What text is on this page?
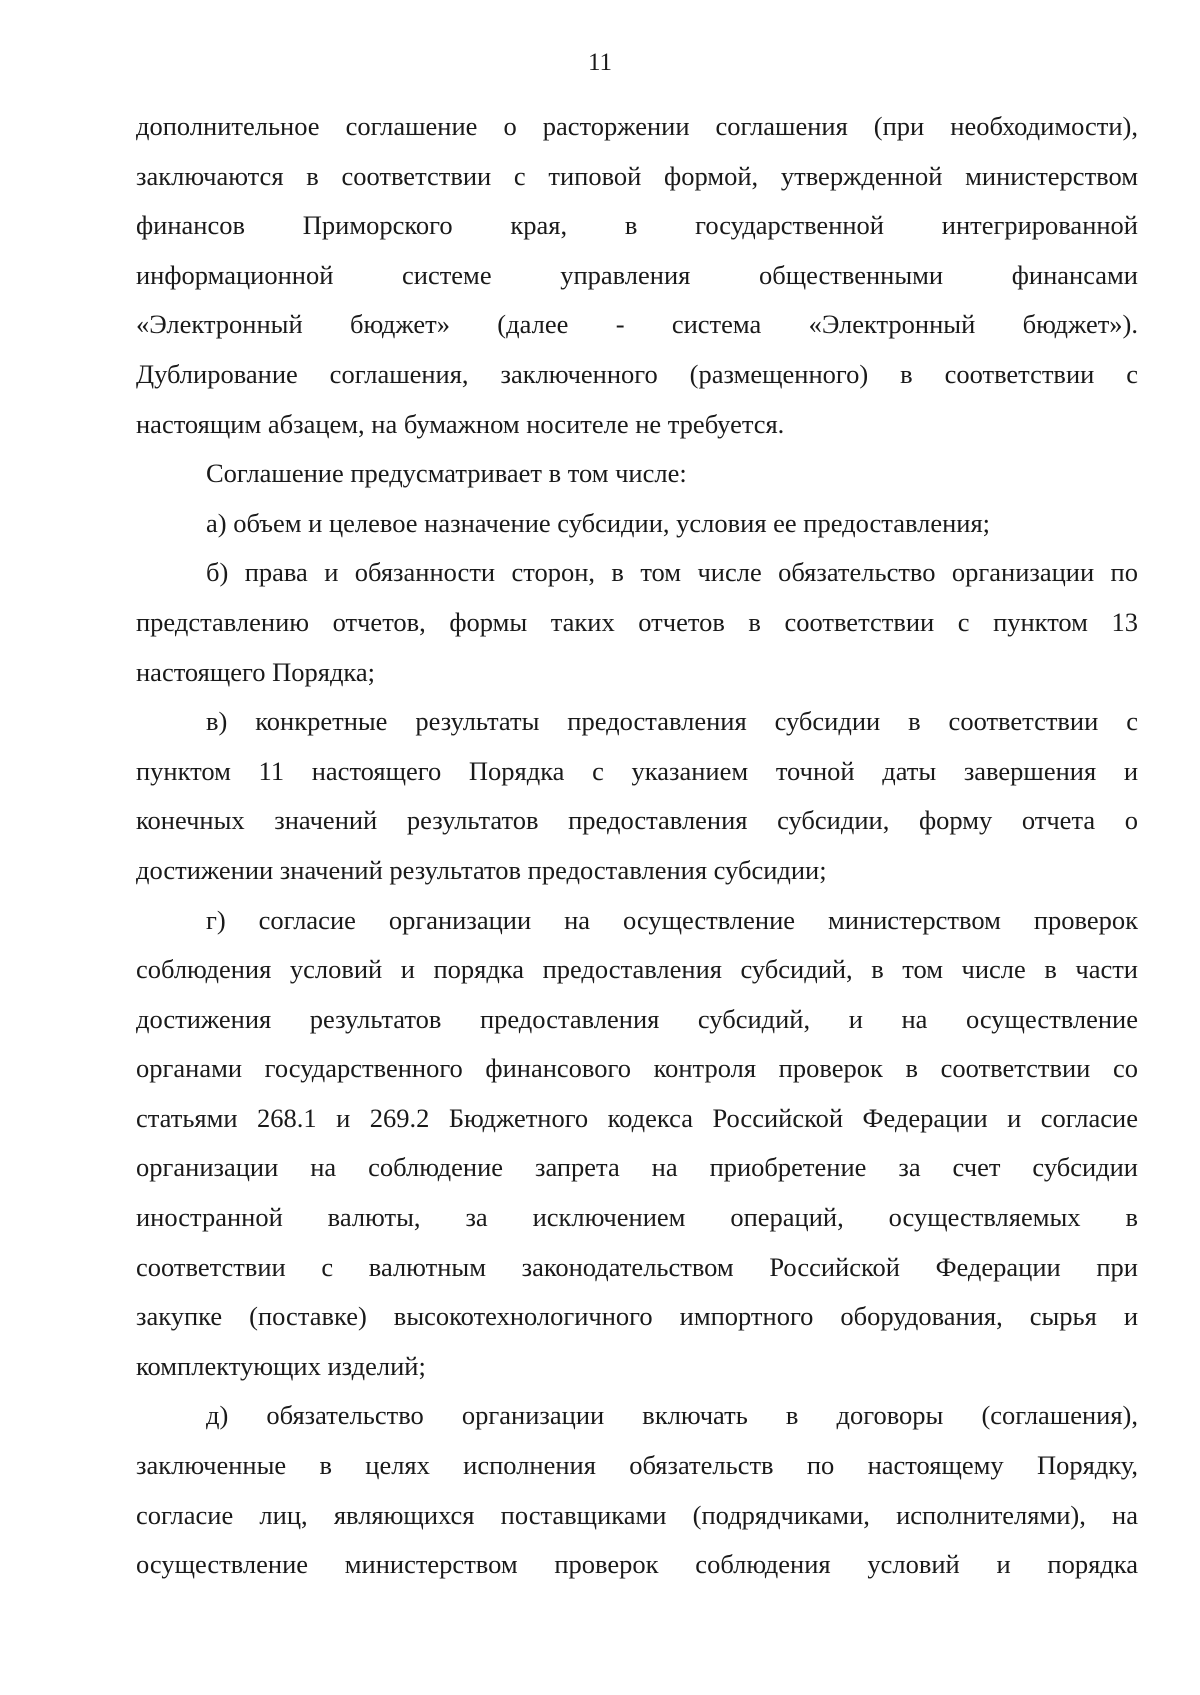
11
дополнительное соглашение о расторжении соглашения (при необходимости),
заключаются в соответствии с типовой формой, утвержденной министерством
финансов Приморского края, в государственной интегрированной
информационной системе управления общественными финансами
«Электронный бюджет» (далее - система «Электронный бюджет»).
Дублирование соглашения, заключенного (размещенного) в соответствии с
настоящим абзацем, на бумажном носителе не требуется.
Соглашение предусматривает в том числе:
а) объем и целевое назначение субсидии, условия ее предоставления;
б) права и обязанности сторон, в том числе обязательство организации по
представлению отчетов, формы таких отчетов в соответствии с пунктом 13
настоящего Порядка;
в) конкретные результаты предоставления субсидии в соответствии с
пунктом 11 настоящего Порядка с указанием точной даты завершения и
конечных значений результатов предоставления субсидии, форму отчета о
достижении значений результатов предоставления субсидии;
г) согласие организации на осуществление министерством проверок
соблюдения условий и порядка предоставления субсидий, в том числе в части
достижения результатов предоставления субсидий, и на осуществление
органами государственного финансового контроля проверок в соответствии со
статьями 268.1 и 269.2 Бюджетного кодекса Российской Федерации и согласие
организации на соблюдение запрета на приобретение за счет субсидии
иностранной валюты, за исключением операций, осуществляемых в
соответствии с валютным законодательством Российской Федерации при
закупке (поставке) высокотехнологичного импортного оборудования, сырья и
комплектующих изделий;
д) обязательство организации включать в договоры (соглашения),
заключенные в целях исполнения обязательств по настоящему Порядку,
согласие лиц, являющихся поставщиками (подрядчиками, исполнителями), на
осуществление министерством проверок соблюдения условий и порядка
